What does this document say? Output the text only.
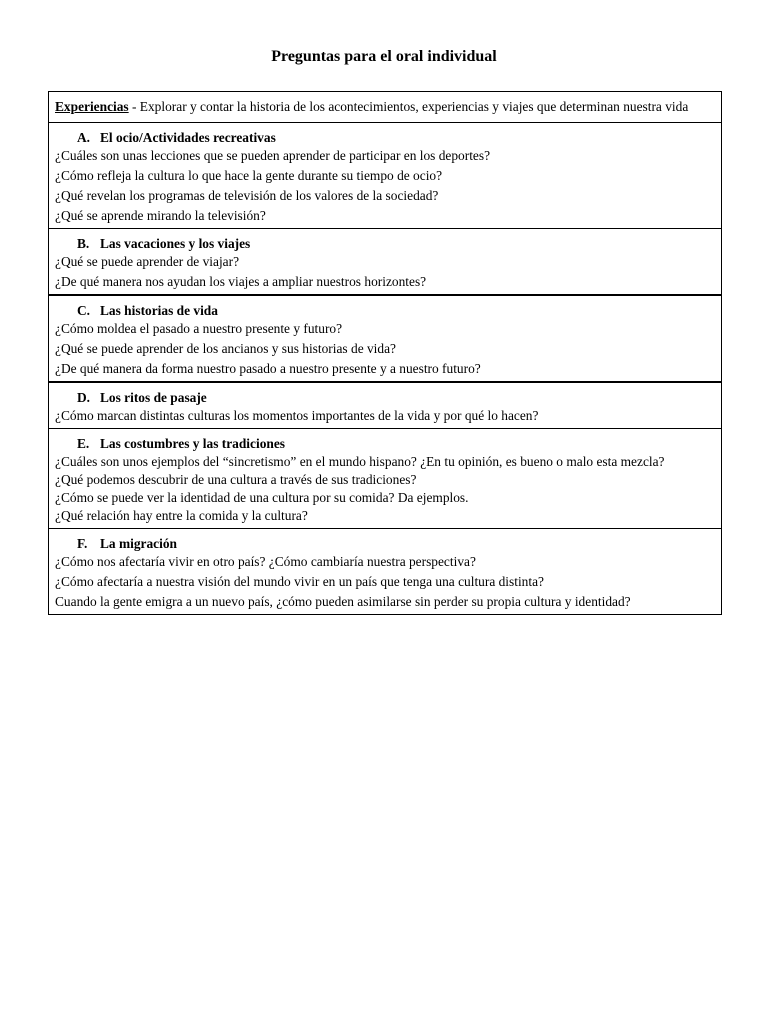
Preguntas para el oral individual
Experiencias - Explorar y contar la historia de los acontecimientos, experiencias y viajes que determinan nuestra vida
A. El ocio/Actividades recreativas
¿Cuáles son unas lecciones que se pueden aprender de participar en los deportes?
¿Cómo refleja la cultura lo que hace la gente durante su tiempo de ocio?
¿Qué revelan los programas de televisión de los valores de la sociedad?
¿Qué se aprende mirando la televisión?
B. Las vacaciones y los viajes
¿Qué se puede aprender de viajar?
¿De qué manera nos ayudan los viajes a ampliar nuestros horizontes?
C. Las historias de vida
¿Cómo moldea el pasado a nuestro presente y futuro?
¿Qué se puede aprender de los ancianos y sus historias de vida?
¿De qué manera da forma nuestro pasado a nuestro presente y a nuestro futuro?
D. Los ritos de pasaje
¿Cómo marcan distintas culturas los momentos importantes de la vida y por qué lo hacen?
E. Las costumbres y las tradiciones
¿Cuáles son unos ejemplos del “sincretismo” en el mundo hispano? ¿En tu opinión, es bueno o malo esta mezcla?
¿Qué podemos descubrir de una cultura a través de sus tradiciones?
¿Cómo se puede ver la identidad de una cultura por su comida? Da ejemplos.
¿Qué relación hay entre la comida y la cultura?
F. La migración
¿Cómo nos afectaría vivir en otro país? ¿Cómo cambiaría nuestra perspectiva?
¿Cómo afectaría a nuestra visión del mundo vivir en un país que tenga una cultura distinta?
Cuando la gente emigra a un nuevo país, ¿cómo pueden asimilarse sin perder su propia cultura y identidad?
